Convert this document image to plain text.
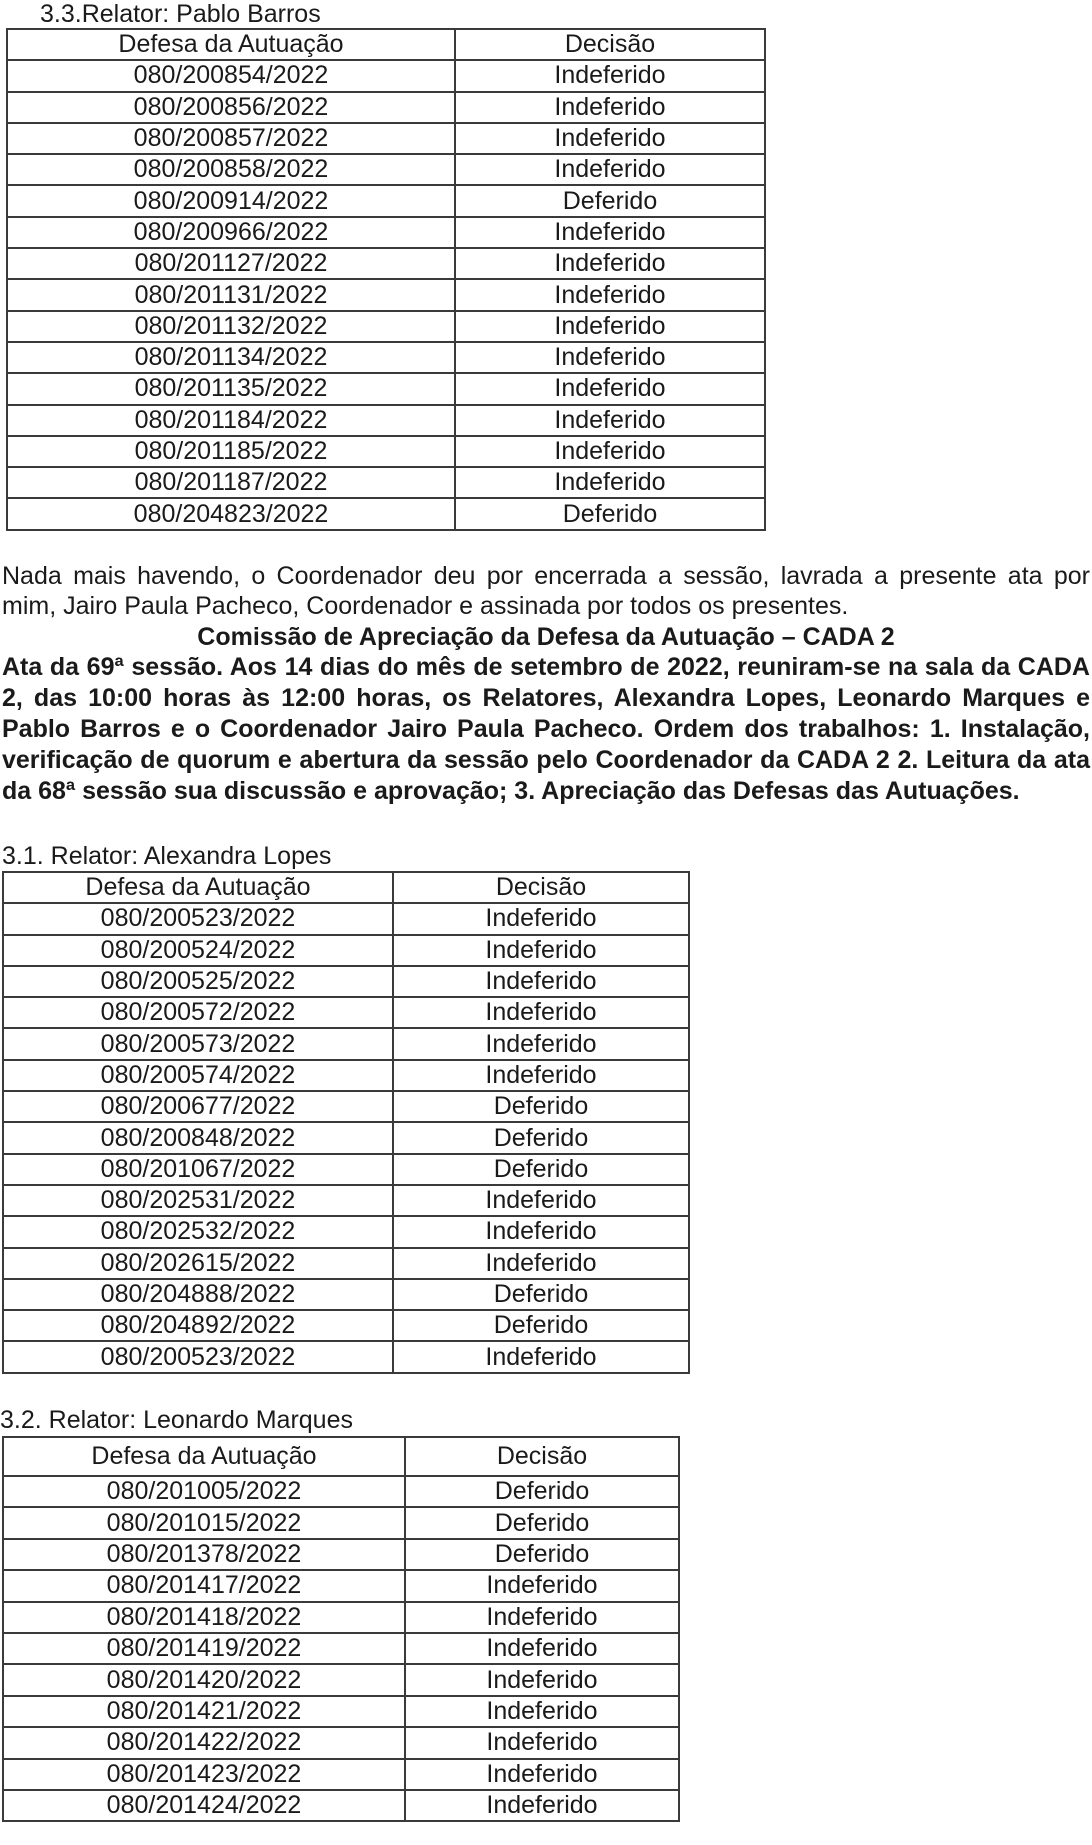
3.3.Relator: Pablo Barros
Defesa da Autuação	Decisão
080/200854/2022	Indeferido
080/200856/2022	Indeferido
080/200857/2022	Indeferido
080/200858/2022	Indeferido
080/200914/2022	Deferido
080/200966/2022	Indeferido
080/201127/2022	Indeferido
080/201131/2022	Indeferido
080/201132/2022	Indeferido
080/201134/2022	Indeferido
080/201135/2022	Indeferido
080/201184/2022	Indeferido
080/201185/2022	Indeferido
080/201187/2022	Indeferido
080/204823/2022	Deferido
Nada mais havendo, o Coordenador deu por encerrada a sessão, lavrada a presente ata por mim, Jairo Paula Pacheco, Coordenador e assinada por todos os presentes.
Comissão de Apreciação da Defesa da Autuação – CADA 2
Ata da 69ª sessão. Aos 14 dias do mês de setembro de 2022, reuniram-se na sala da CADA 2, das 10:00 horas às 12:00 horas, os Relatores, Alexandra Lopes, Leonardo Marques e Pablo Barros e o Coordenador Jairo Paula Pacheco. Ordem dos trabalhos: 1. Instalação, verificação de quorum e abertura da sessão pelo Coordenador da CADA 2 2. Leitura da ata da 68ª sessão sua discussão e aprovação; 3. Apreciação das Defesas das Autuações.
3.1. Relator: Alexandra Lopes
Defesa da Autuação	Decisão
080/200523/2022	Indeferido
080/200524/2022	Indeferido
080/200525/2022	Indeferido
080/200572/2022	Indeferido
080/200573/2022	Indeferido
080/200574/2022	Indeferido
080/200677/2022	Deferido
080/200848/2022	Deferido
080/201067/2022	Deferido
080/202531/2022	Indeferido
080/202532/2022	Indeferido
080/202615/2022	Indeferido
080/204888/2022	Deferido
080/204892/2022	Deferido
080/200523/2022	Indeferido
3.2. Relator: Leonardo Marques
Defesa da Autuação	Decisão
080/201005/2022	Deferido
080/201015/2022	Deferido
080/201378/2022	Deferido
080/201417/2022	Indeferido
080/201418/2022	Indeferido
080/201419/2022	Indeferido
080/201420/2022	Indeferido
080/201421/2022	Indeferido
080/201422/2022	Indeferido
080/201423/2022	Indeferido
080/201424/2022	Indeferido
